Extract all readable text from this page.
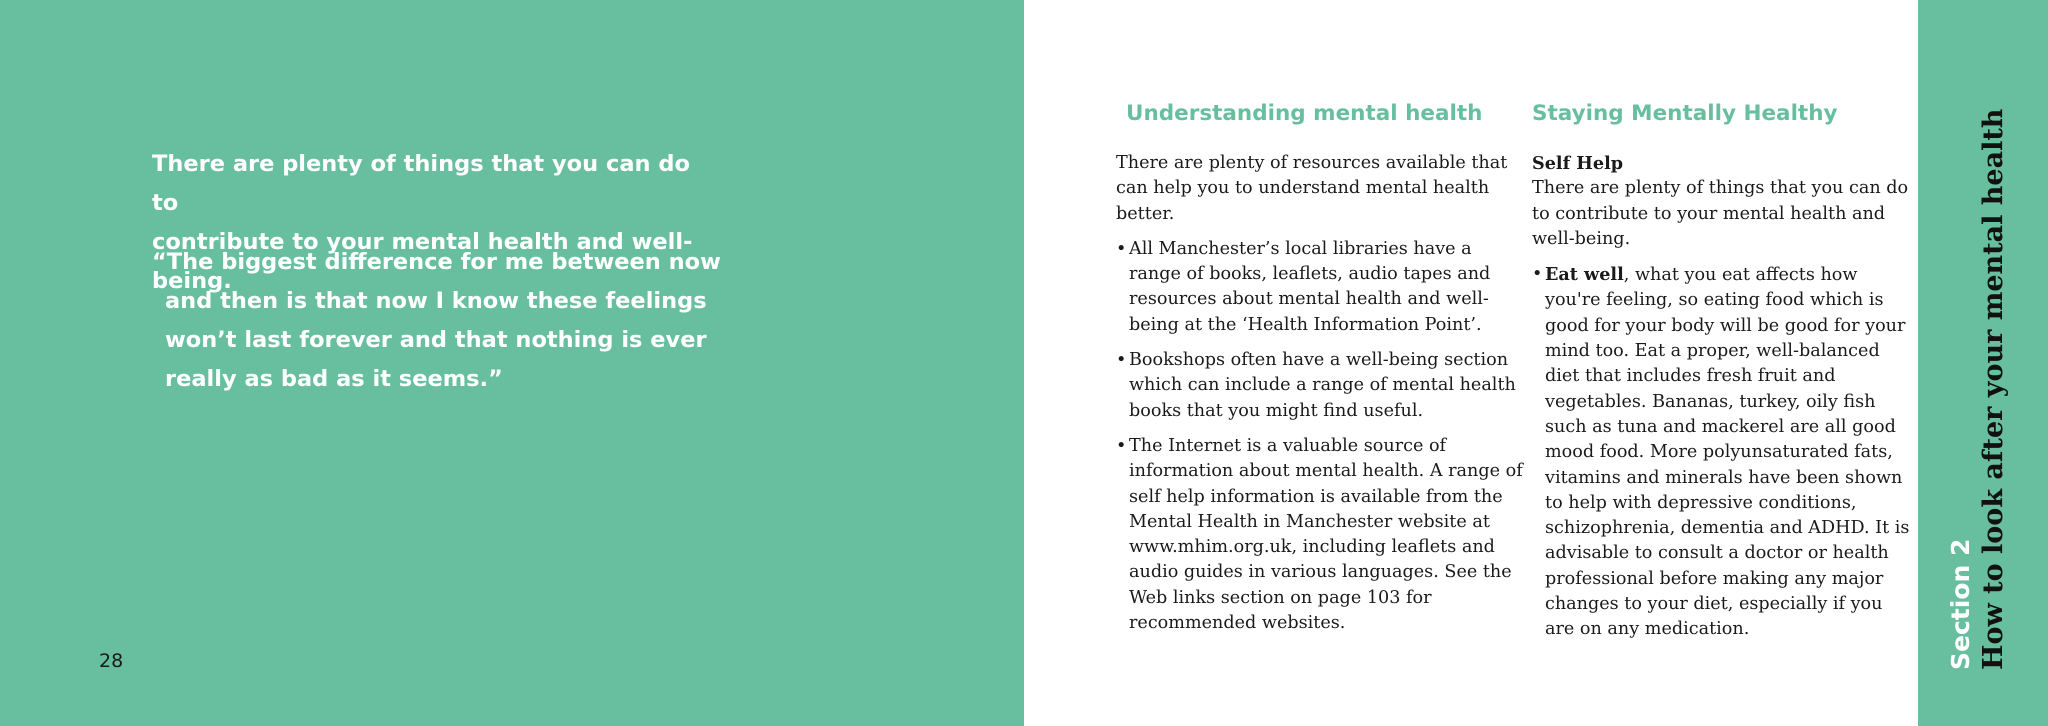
There are plenty of things that you can do to
contribute to your mental health and well-being.

“The biggest difference for me between now
and then is that now I know these feelings
won’t last forever and that nothing is ever
really as bad as it seems.”
28
Understanding mental health

There are plenty of resources available that can help you to understand mental health better.

• All Manchester’s local libraries have a range of books, leaflets, audio tapes and resources about mental health and well-being at the ‘Health Information Point’.
• Bookshops often have a well-being section which can include a range of mental health books that you might find useful.
• The Internet is a valuable source of information about mental health. A range of self help information is available from the Mental Health in Manchester website at www.mhim.org.uk, including leaflets and audio guides in various languages. See the Web links section on page 103 for recommended websites.
Staying Mentally Healthy

Self Help
There are plenty of things that you can do to contribute to your mental health and well-being.

• Eat well, what you eat affects how you're feeling, so eating food which is good for your body will be good for your mind too. Eat a proper, well-balanced diet that includes fresh fruit and vegetables. Bananas, turkey, oily fish such as tuna and mackerel are all good mood food. More polyunsaturated fats, vitamins and minerals have been shown to help with depressive conditions, schizophrenia, dementia and ADHD. It is advisable to consult a doctor or health professional before making any major changes to your diet, especially if you are on any medication.	Section 2 How to look after your mental health
